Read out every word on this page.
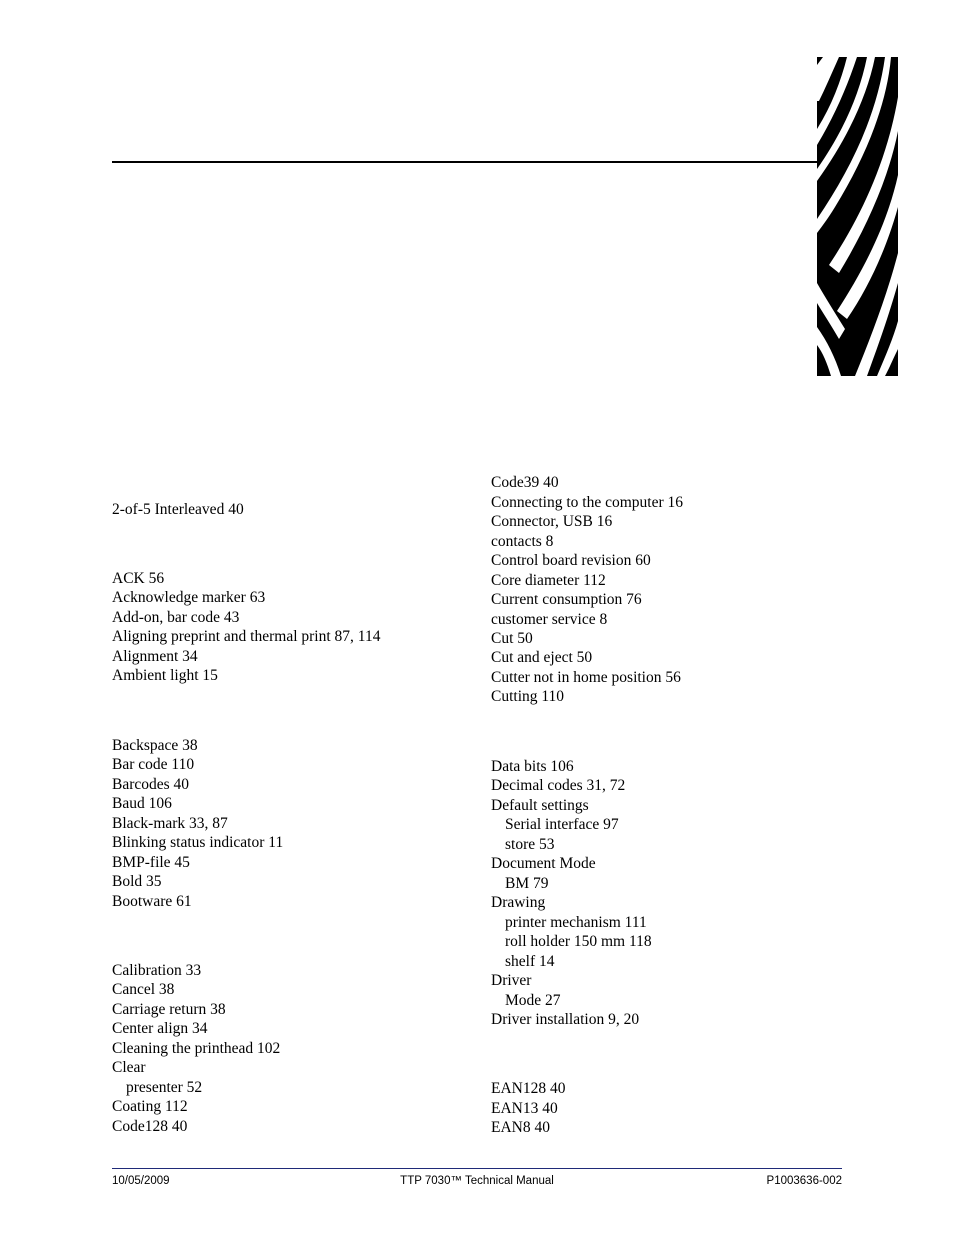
2-of-5 Interleaved 40
ACK 56
Acknowledge marker 63
Add-on, bar code 43
Aligning preprint and thermal print 87, 114
Alignment 34
Ambient light 15
Backspace 38
Bar code 110
Barcodes 40
Baud 106
Black-mark 33, 87
Blinking status indicator 11
BMP-file 45
Bold 35
Bootware 61
Calibration 33
Cancel 38
Carriage return 38
Center align 34
Cleaning the printhead 102
Clear
presenter 52
Coating 112
Code128 40
Code39 40
Connecting to the computer 16
Connector, USB 16
contacts 8
Control board revision 60
Core diameter 112
Current consumption 76
customer service 8
Cut 50
Cut and eject 50
Cutter not in home position 56
Cutting 110
Data bits 106
Decimal codes 31, 72
Default settings
Serial interface 97
store 53
Document Mode
BM 79
Drawing
printer mechanism 111
roll holder 150 mm 118
shelf 14
Driver
Mode 27
Driver installation 9, 20
EAN128 40
EAN13 40
EAN8 40
10/05/2009	TTP 7030™ Technical Manual	P1003636-002
